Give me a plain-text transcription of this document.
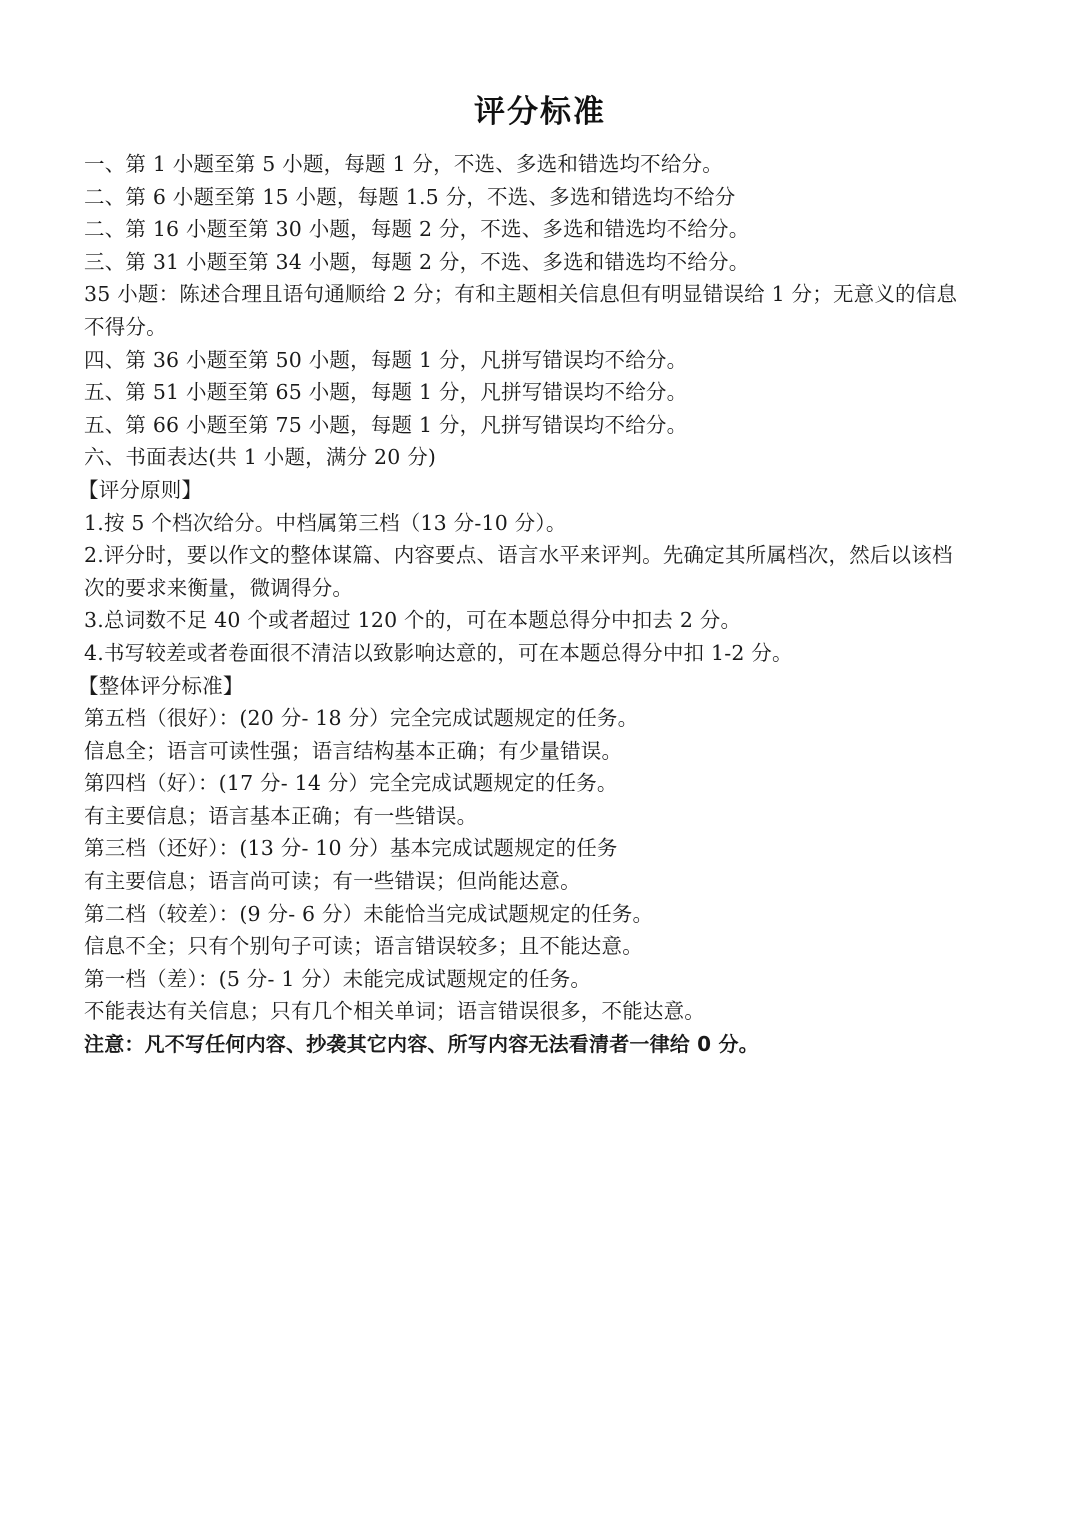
评分标准
一、第 1 小题至第 5 小题，每题 1 分，不选、多选和错选均不给分。
二、第 6 小题至第 15 小题，每题 1.5 分，不选、多选和错选均不给分
二、第 16 小题至第 30 小题，每题 2 分，不选、多选和错选均不给分。
三、第 31 小题至第 34 小题，每题 2 分，不选、多选和错选均不给分。
35 小题：陈述合理且语句通顺给 2 分；有和主题相关信息但有明显错误给 1 分；无意义的信息
不得分。
四、第 36 小题至第 50 小题，每题 1 分，凡拼写错误均不给分。
五、第 51 小题至第 65 小题，每题 1 分，凡拼写错误均不给分。
五、第 66 小题至第 75 小题，每题 1 分，凡拼写错误均不给分。
六、书面表达(共 1 小题，满分 20 分)
【评分原则】
1.按 5 个档次给分。中档属第三档（13 分-10 分）。
2.评分时，要以作文的整体谋篇、内容要点、语言水平来评判。先确定其所属档次，然后以该档
次的要求来衡量，微调得分。
3.总词数不足 40 个或者超过 120 个的，可在本题总得分中扣去 2 分。
4.书写较差或者卷面很不清洁以致影响达意的，可在本题总得分中扣 1-2 分。
【整体评分标准】
第五档（很好）：(20 分- 18 分）完全完成试题规定的任务。
信息全；语言可读性强；语言结构基本正确；有少量错误。
第四档（好）：(17 分- 14 分）完全完成试题规定的任务。
有主要信息；语言基本正确；有一些错误。
第三档（还好）：(13 分- 10 分）基本完成试题规定的任务
有主要信息；语言尚可读；有一些错误；但尚能达意。
第二档（较差）：(9 分- 6 分）未能恰当完成试题规定的任务。
信息不全；只有个别句子可读；语言错误较多；且不能达意。
第一档（差）：(5 分- 1 分）未能完成试题规定的任务。
不能表达有关信息；只有几个相关单词；语言错误很多，不能达意。
注意：凡不写任何内容、抄袭其它内容、所写内容无法看清者一律给 0 分。
